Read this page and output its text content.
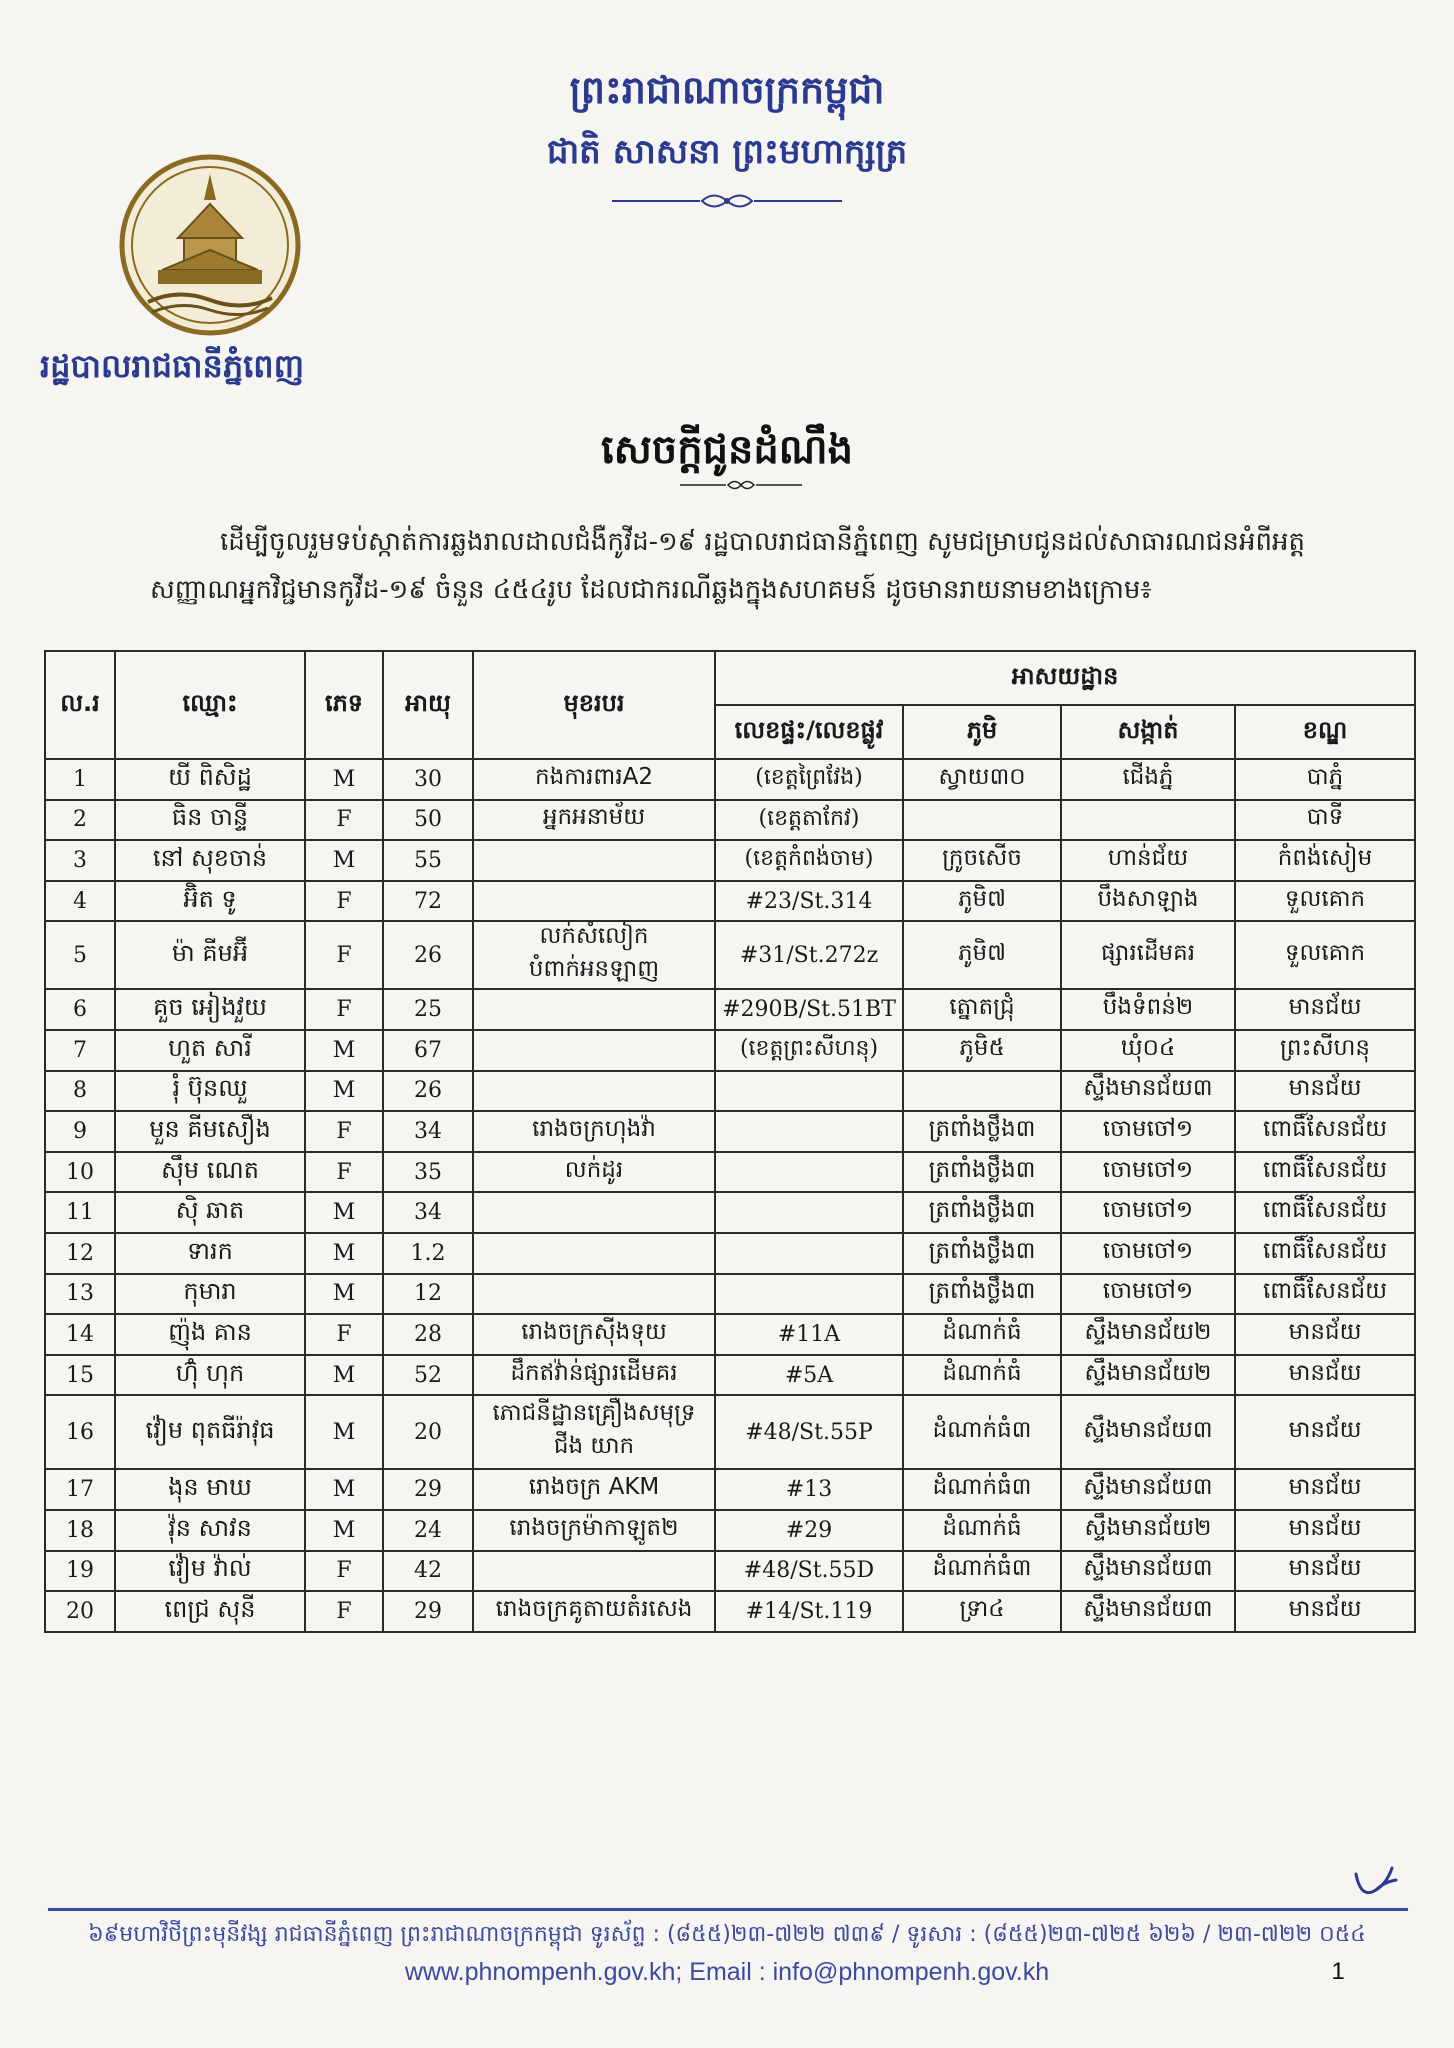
ព្រះរាជាណាចក្រកម្ពុជា
ជាតិ សាសនា ព្រះមហាក្សត្រ
រដ្ឋបាលរាជធានីភ្នំពេញ
សេចក្តីជូនដំណឹង
ដើម្បីចូលរួមទប់ស្កាត់ការឆ្លងរាលដាលជំងឺកូវីដ-១៩ រដ្ឋបាលរាជធានីភ្នំពេញ សូមជម្រាបជូនដល់សាធារណជនអំពីអត្តសញ្ញាណអ្នកវិជ្ជមានកូវីដ-១៩ ចំនួន ៤៥៤រូប ដែលជាករណីឆ្លងក្នុងសហគមន៍ ដូចមានរាយនាមខាងក្រោម៖
ល.រ	ឈ្មោះ	ភេទ	អាយុ	មុខរបរ	អាសយដ្ឋាន			
					លេខផ្ទះ/លេខផ្លូវ	ភូមិ	សង្កាត់	ខណ្ឌ
1	យី ពិសិដ្ឋ	M	30	កងការពារA2	(ខេត្តព្រៃវែង)	ស្វាយ៣០	ជើងភ្នំ	បាភ្នំ
2	ធិន ចាន្ទី	F	50	អ្នកអនាម័យ	(ខេត្តតាកែវ)			បាទី
3	នៅ សុខចាន់	M	55		(ខេត្តកំពង់ចាម)	ក្រូចសើច	ហាន់ជ័យ	កំពង់សៀម
4	អ៊ិត ទូ	F	72		#23/St.314	ភូមិ៧	បឹងសាឡាង	ទួលគោក
5	ម៉ា គីមអ៊ី	F	26	លក់សំលៀកបំពាក់អនឡាញ	#31/St.272z	ភូមិ៧	ផ្សារដើមគរ	ទួលគោក
6	គួច អៀងវួយ	F	25		#290B/St.51BT	ត្នោតជ្រុំ	បឹងទំពន់២	មានជ័យ
7	ហួត សារី	M	67		(ខេត្តព្រះសីហនុ)	ភូមិ៥	ឃុំ០៤	ព្រះសីហនុ
8	រ៉ំ ប៊ុនឈួ	M	26				ស្ទឹងមានជ័យ៣	មានជ័យ
9	មួន គីមសឿង	F	34	រោងចក្រហុងវ៉ា		ត្រពាំងថ្លឹង៣	ចោមចៅ១	ពោធិ៍សែនជ័យ
10	ស៊ឹម ណេត	F	35	លក់ដូរ		ត្រពាំងថ្លឹង៣	ចោមចៅ១	ពោធិ៍សែនជ័យ
11	ស៊ិ ឆាត	M	34			ត្រពាំងថ្លឹង៣	ចោមចៅ១	ពោធិ៍សែនជ័យ
12	ទារក	M	1.2			ត្រពាំងថ្លឹង៣	ចោមចៅ១	ពោធិ៍សែនជ័យ
13	កុមារា	M	12			ត្រពាំងថ្លឹង៣	ចោមចៅ១	ពោធិ៍សែនជ័យ
14	ញ៉ុង គាន	F	28	រោងចក្រស៊ីងទុយ	#11A	ដំណាក់ធំ	ស្ទឹងមានជ័យ២	មានជ័យ
15	ហ៊ុំ ហុក	M	52	ដឹកឥវ៉ាន់ផ្សារដើមគរ	#5A	ដំណាក់ធំ	ស្ទឹងមានជ័យ២	មានជ័យ
16	វ៉ៀម ពុតធីរ៉ាវុធ	M	20	ភោជនីដ្ឋានគ្រឿងសមុទ្រ ជីង យាក	#48/St.55P	ដំណាក់ធំ៣	ស្ទឹងមានជ័យ៣	មានជ័យ
17	ងុន មាឃ	M	29	រោងចក្រ AKM	#13	ដំណាក់ធំ៣	ស្ទឹងមានជ័យ៣	មានជ័យ
18	វ៉ុន សាវន	M	24	រោងចក្រម៉ាកាឡូត២	#29	ដំណាក់ធំ	ស្ទឹងមានជ័យ២	មានជ័យ
19	វ៉ៀម វ៉ាល់	F	42		#48/St.55D	ដំណាក់ធំ៣	ស្ទឹងមានជ័យ៣	មានជ័យ
20	ពេជ្រ សុនី	F	29	រោងចក្រគូតាយតំរសេង	#14/St.119	ទ្រា៤	ស្ទឹងមានជ័យ៣	មានជ័យ
៦៩មហាវិថីព្រះមុនីវង្ស រាជធានីភ្នំពេញ ព្រះរាជាណាចក្រកម្ពុជា ទូរស័ព្ទ : (៨៥៥)២៣-៧២២ ៧៣៩ / ទូរសារ : (៨៥៥)២៣-៧២៥ ៦២៦ / ២៣-៧២២ ០៥៤
www.phnompenh.gov.kh; Email : info@phnompenh.gov.kh	1
